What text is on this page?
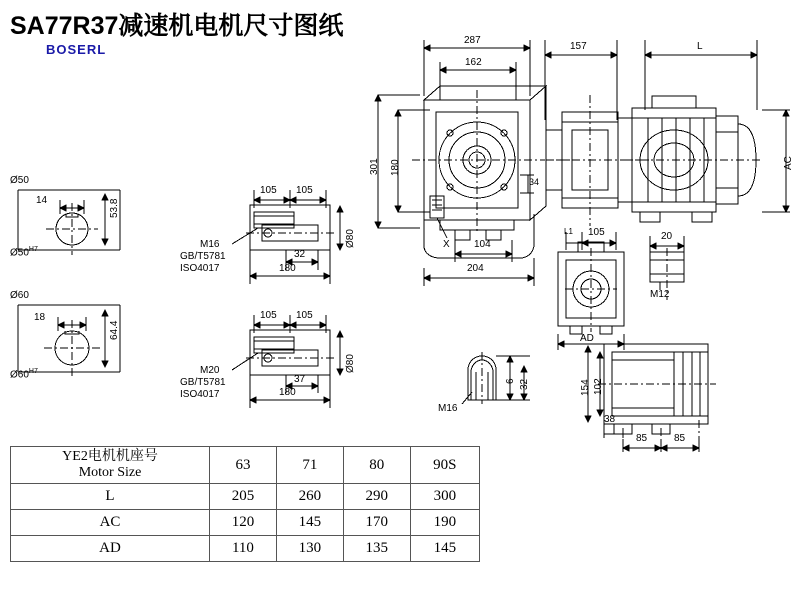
SA77R37减速机电机尺寸图纸
BOSERL
287
162
157	L
AC
301 180
34
104
204
X
105 105
32
180
Ø80
M16
GB/T5781
ISO4017
105 105
37
180
Ø80
M20
GB/T5781
ISO4017
Ø50
$Ø50^{H7}$
14	53.8
Ø60
$Ø60^{H7}$
18
64.4
M16
6 32
L1 105
AD
20
M12
154 102
38
85	85
YE2电机机座号
Motor Size	63	71	80	90S
L	205	260	290	300
AC	120	145	170	190
AD	110	130	135	145
